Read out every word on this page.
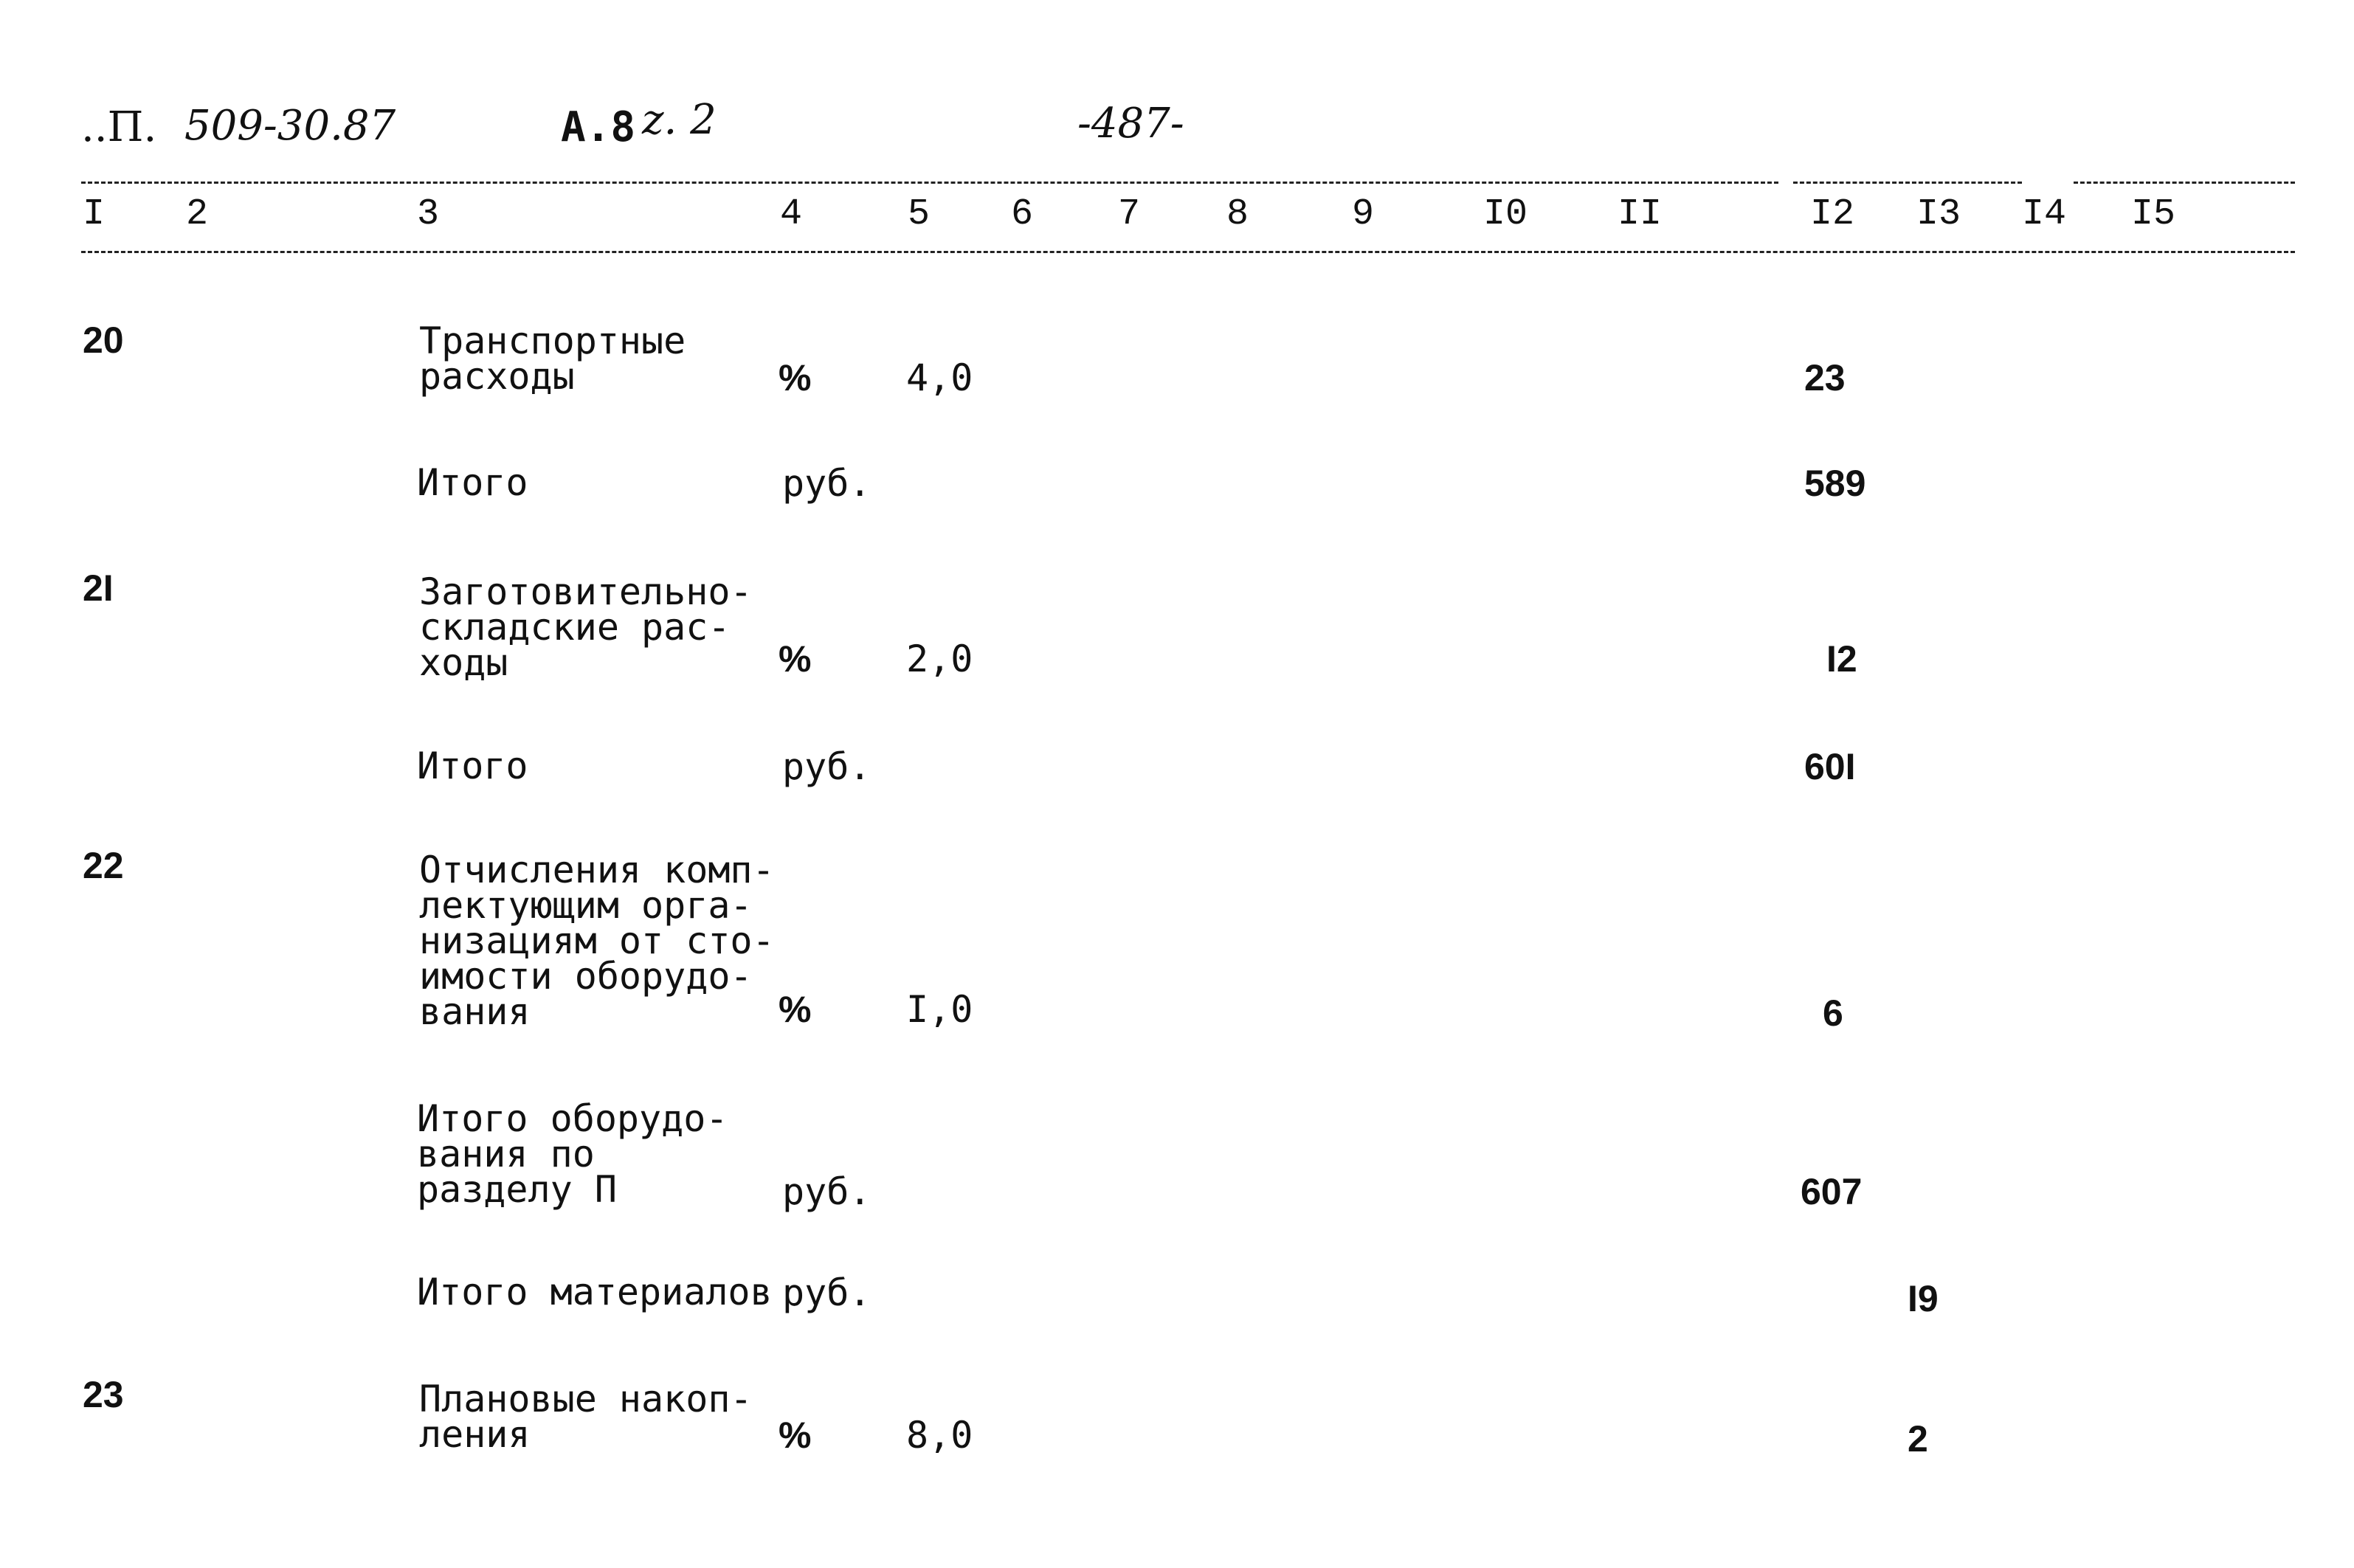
..П. 509-30.87	А.8 z. 2	-487-
I 2	3	4	5 6 7 8	9	I0 II	I2 I3 I4 I5
20	Транспортные
расходы	%	4,0	23
Итого	руб.	589
2I	Заготовительно-
складские рас-
ходы	%	2,0	I2
Итого	руб.	60I
22	Отчисления комп-
лектующим орга-
низациям от сто-
имости оборудо-
вания	%	I,0	6
Итого оборудо-
вания по
разделу П	руб.	607
Итого материалов руб.	I9
23	Плановые накоп-
ления	%	8,0	2
